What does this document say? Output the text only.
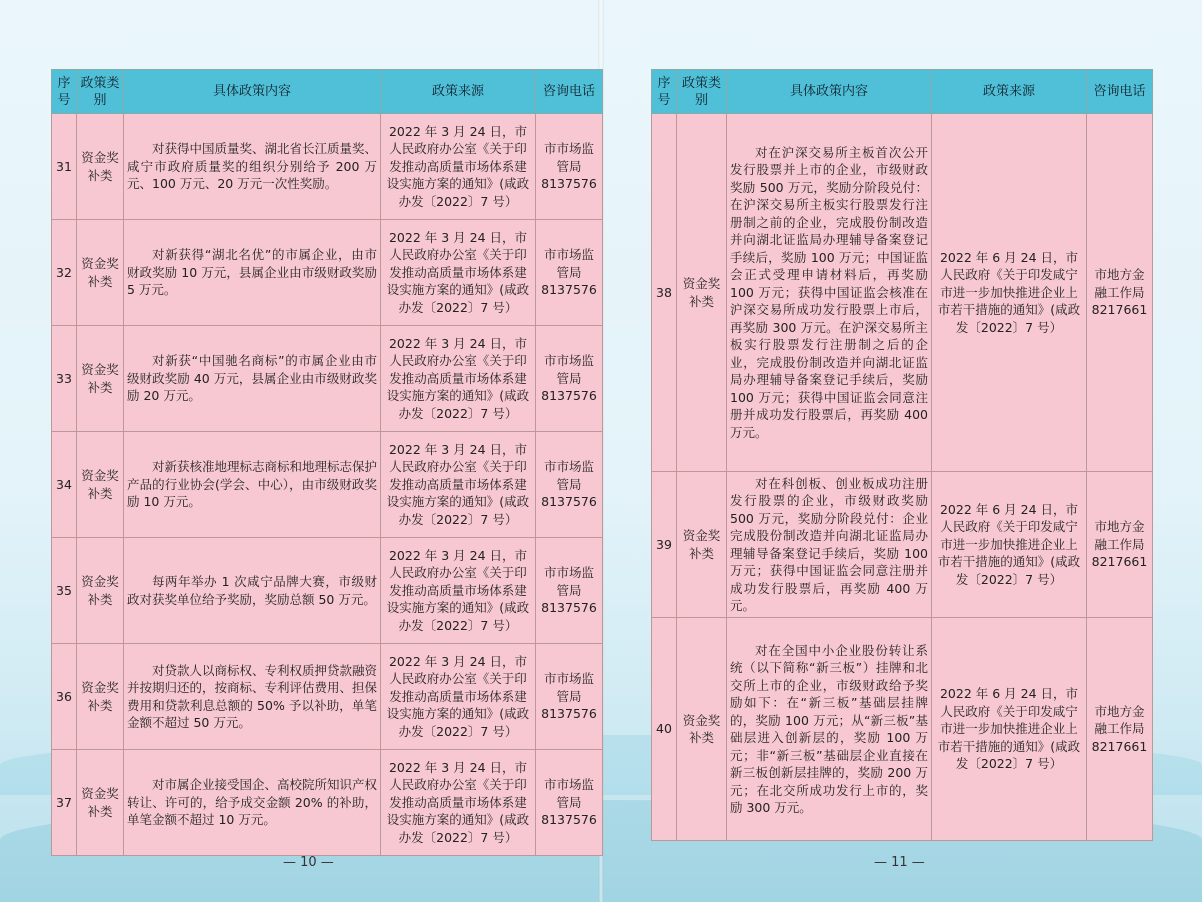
序号	政策类别	具体政策内容	政策来源	咨询电话
31	资金奖补类	对获得中国质量奖、湖北省长江质量奖、咸宁市政府质量奖的组织分别给予 200 万元、100 万元、20 万元一次性奖励。	2022 年 3 月 24 日，市人民政府办公室《关于印发推动高质量市场体系建设实施方案的通知》(咸政办发〔2022〕7 号）	市市场监管局 8137576
32	资金奖补类	对新获得“湖北名优”的市属企业，由市财政奖励 10 万元，县属企业由市级财政奖励 5 万元。	2022 年 3 月 24 日，市人民政府办公室《关于印发推动高质量市场体系建设实施方案的通知》(咸政办发〔2022〕7 号）	市市场监管局 8137576
33	资金奖补类	对新获“中国驰名商标”的市属企业由市级财政奖励 40 万元，县属企业由市级财政奖励 20 万元。	2022 年 3 月 24 日，市人民政府办公室《关于印发推动高质量市场体系建设实施方案的通知》(咸政办发〔2022〕7 号）	市市场监管局 8137576
34	资金奖补类	对新获核准地理标志商标和地理标志保护产品的行业协会(学会、中心），由市级财政奖励 10 万元。	2022 年 3 月 24 日，市人民政府办公室《关于印发推动高质量市场体系建设实施方案的通知》(咸政办发〔2022〕7 号）	市市场监管局 8137576
35	资金奖补类	每两年举办 1 次咸宁品牌大赛，市级财政对获奖单位给予奖励，奖励总额 50 万元。	2022 年 3 月 24 日，市人民政府办公室《关于印发推动高质量市场体系建设实施方案的通知》(咸政办发〔2022〕7 号）	市市场监管局 8137576
36	资金奖补类	对贷款人以商标权、专利权质押贷款融资并按期归还的，按商标、专利评估费用、担保费用和贷款利息总额的 50% 予以补助，单笔金额不超过 50 万元。	2022 年 3 月 24 日，市人民政府办公室《关于印发推动高质量市场体系建设实施方案的通知》(咸政办发〔2022〕7 号）	市市场监管局 8137576
37	资金奖补类	对市属企业接受国企、高校院所知识产权转让、许可的，给予成交金额 20% 的补助，单笔金额不超过 10 万元。	2022 年 3 月 24 日，市人民政府办公室《关于印发推动高质量市场体系建设实施方案的通知》(咸政办发〔2022〕7 号）	市市场监管局 8137576
— 10 —
序号	政策类别	具体政策内容	政策来源	咨询电话
38	资金奖补类	对在沪深交易所主板首次公开发行股票并上市的企业，市级财政奖励 500 万元，奖励分阶段兑付：在沪深交易所主板实行股票发行注册制之前的企业，完成股份制改造并向湖北证监局办理辅导备案登记手续后，奖励 100 万元；中国证监会正式受理申请材料后，再奖励 100 万元；获得中国证监会核准在沪深交易所成功发行股票上市后，再奖励 300 万元。在沪深交易所主板实行股票发行注册制之后的企业，完成股份制改造并向湖北证监局办理辅导备案登记手续后，奖励 100 万元；获得中国证监会同意注册并成功发行股票后，再奖励 400 万元。	2022 年 6 月 24 日，市人民政府《关于印发咸宁市进一步加快推进企业上市若干措施的通知》(咸政发〔2022〕7 号）	市地方金融工作局 8217661
39	资金奖补类	对在科创板、创业板成功注册发行股票的企业，市级财政奖励 500 万元，奖励分阶段兑付：企业完成股份制改造并向湖北证监局办理辅导备案登记手续后，奖励 100 万元；获得中国证监会同意注册并成功发行股票后，再奖励 400 万元。	2022 年 6 月 24 日，市人民政府《关于印发咸宁市进一步加快推进企业上市若干措施的通知》(咸政发〔2022〕7 号）	市地方金融工作局 8217661
40	资金奖补类	对在全国中小企业股份转让系统（以下简称“新三板”）挂牌和北交所上市的企业，市级财政给予奖励如下：在“新三板”基础层挂牌的，奖励 100 万元；从“新三板”基础层进入创新层的，奖励 100 万元；非“新三板”基础层企业直接在新三板创新层挂牌的，奖励 200 万元；在北交所成功发行上市的，奖励 300 万元。	2022 年 6 月 24 日，市人民政府《关于印发咸宁市进一步加快推进企业上市若干措施的通知》(咸政发〔2022〕7 号）	市地方金融工作局 8217661
— 11 —
